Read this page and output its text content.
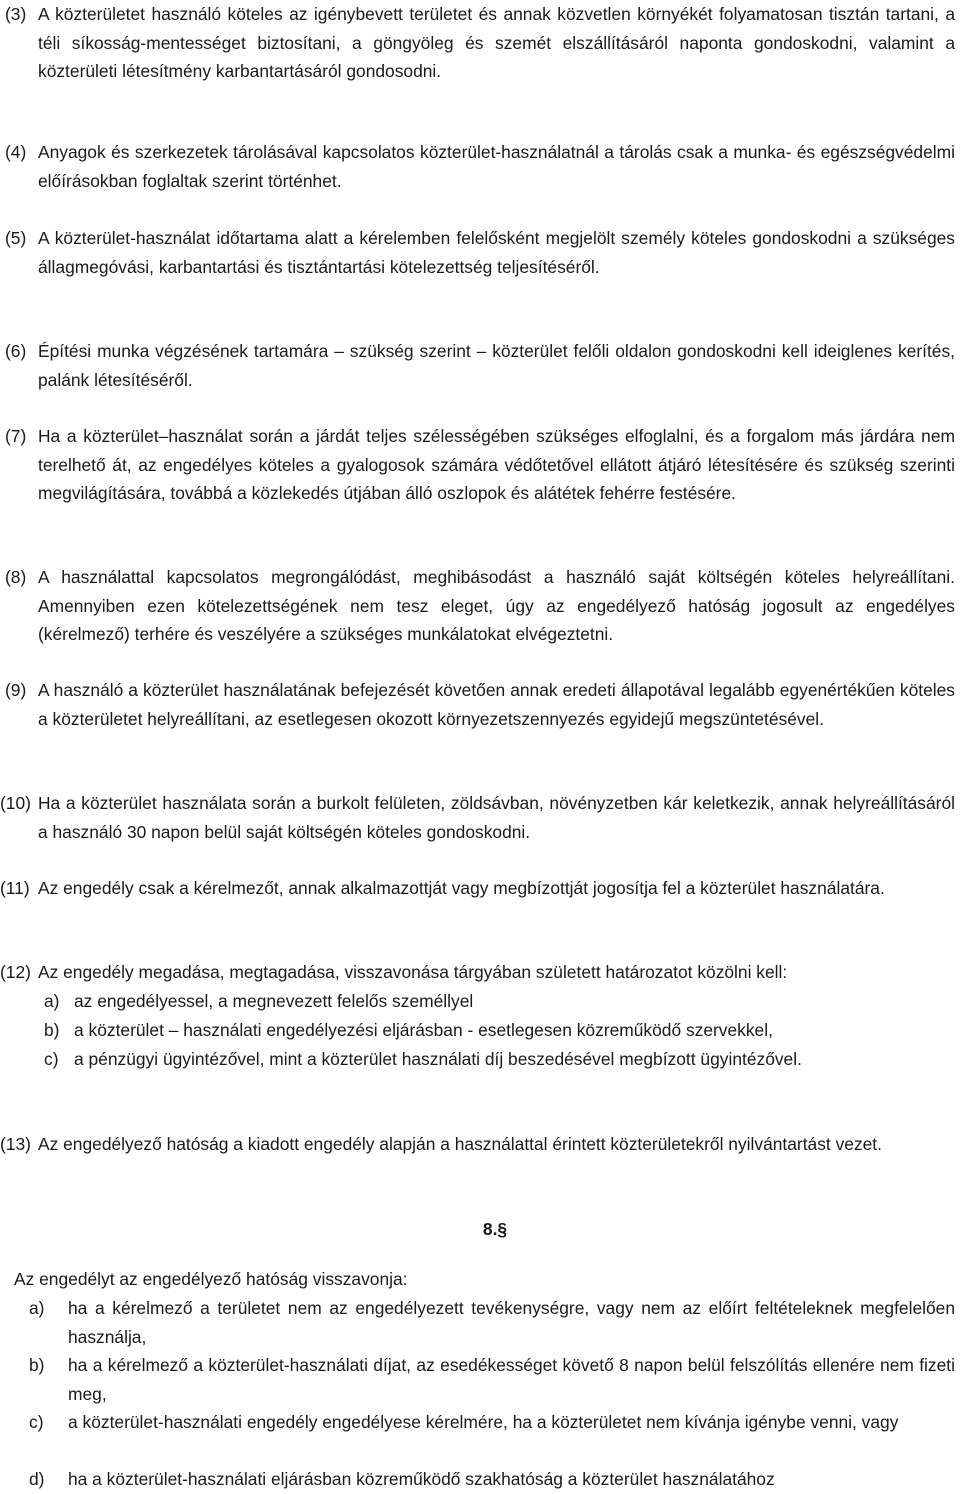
(3) A közterületet használó köteles az igénybevett területet és annak közvetlen környékét folyamatosan tisztán tartani, a téli síkosság-mentességet biztosítani, a göngyöleg és szemét elszállításáról naponta gondoskodni, valamint a közterületi létesítmény karbantartásáról gondosodni.

(4) Anyagok és szerkezetek tárolásával kapcsolatos közterület-használatnál a tárolás csak a munka- és egészségvédelmi előírásokban foglaltak szerint történhet.

(5) A közterület-használat időtartama alatt a kérelemben felelősként megjelölt személy köteles gondoskodni a szükséges állagmegóvási, karbantartási és tisztántartási kötelezettség teljesítéséről.

(6) Építési munka végzésének tartamára – szükség szerint – közterület felőli oldalon gondoskodni kell ideiglenes kerítés, palánk létesítéséről.

(7) Ha a közterület–használat során a járdát teljes szélességében szükséges elfoglalni, és a forgalom más járdára nem terelhető át, az engedélyes köteles a gyalogosok számára védőtetővel ellátott átjáró létesítésére és szükség szerinti megvilágítására, továbbá a közlekedés útjában álló oszlopok és alátétek fehérre festésére.

(8) A használattal kapcsolatos megrongálódást, meghibásodást a használó saját költségén köteles helyreállítani. Amennyiben ezen kötelezettségének nem tesz eleget, úgy az engedélyező hatóság jogosult az engedélyes (kérelmező) terhére és veszélyére a szükséges munkálatokat elvégeztetni.

(9) A használó a közterület használatának befejezését követően annak eredeti állapotával legalább egyenértékűen köteles a közterületet helyreállítani, az esetlegesen okozott környezetszennyezés egyidejű megszüntetésével.

(10) Ha a közterület használata során a burkolt felületen, zöldsávban, növényzetben kár keletkezik, annak helyreállításáról a használó 30 napon belül saját költségén köteles gondoskodni.

(11) Az engedély csak a kérelmezőt, annak alkalmazottját vagy megbízottját jogosítja fel a közterület használatára.

(12) Az engedély megadása, megtagadása, visszavonása tárgyában született határozatot közölni kell:

a) az engedélyessel, a megnevezett felelős személlyel

b) a közterület – használati engedélyezési eljárásban - esetlegesen közreműködő szervekkel,

c) a pénzügyi ügyintézővel, mint a közterület használati díj beszedésével megbízott ügyintézővel.

(13) Az engedélyező hatóság a kiadott engedély alapján a használattal érintett közterületekről nyilvántartást vezet.

8.§
Az engedélyt az engedélyező hatóság visszavonja:
a) ha a kérelmező a területet nem az engedélyezett tevékenységre, vagy nem az előírt feltételeknek megfelelően használja,

b) ha a kérelmező a közterület-használati díjat, az esedékességet követő 8 napon belül felszólítás ellenére nem fizeti meg,

c) a közterület-használati engedély engedélyese kérelmére, ha a közterületet nem kívánja igénybe venni, vagy

d) ha a közterület-használati eljárásban közreműködő szakhatóság a közterület használatához
